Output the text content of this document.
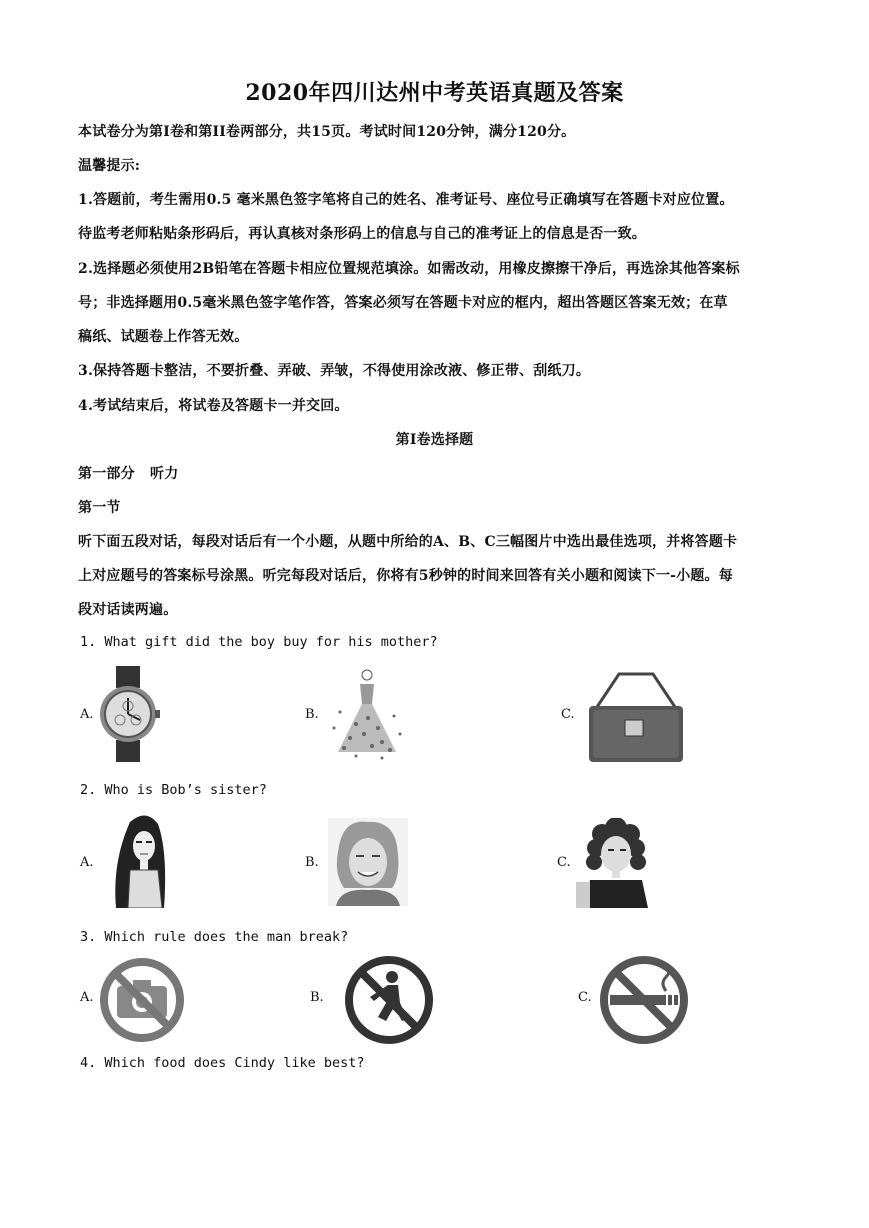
2020年四川达州中考英语真题及答案
本试卷分为第Ⅰ卷和第II卷两部分，共15页。考试时间120分钟，满分120分。
温馨提示:
1.答题前，考生需用0.5 毫米黑色签字笔将自己的姓名、准考证号、座位号正确填写在答题卡对应位置。
待监考老师粘贴条形码后，再认真核对条形码上的信息与自己的准考证上的信息是否一致。
2.选择题必须使用2B铅笔在答题卡相应位置规范填涂。如需改动，用橡皮擦擦干净后，再选涂其他答案标
号；非选择题用0.5毫米黑色签字笔作答，答案必须写在答题卡对应的框内，超出答题区答案无效；在草
稿纸、试题卷上作答无效。
3.保持答题卡整洁，不要折叠、弄破、弄皱，不得使用涂改液、修正带、刮纸刀。
4.考试结束后，将试卷及答题卡一并交回。
第Ⅰ卷选择题
第一部分   听力
第一节
听下面五段对话，每段对话后有一个小题，从题中所给的A、B、C三幅图片中选出最佳选项，并将答题卡
上对应题号的答案标号涂黑。听完每段对话后，你将有5秒钟的时间来回答有关小题和阅读下一-小题。每
段对话读两遍。
1. What gift did the boy buy for his mother?
A.	B.	C.
2. Who is Bob’s sister?
A.	B.	C.
3. Which rule does the man break?
A.	B.	C.
4. Which food does Cindy like best?
